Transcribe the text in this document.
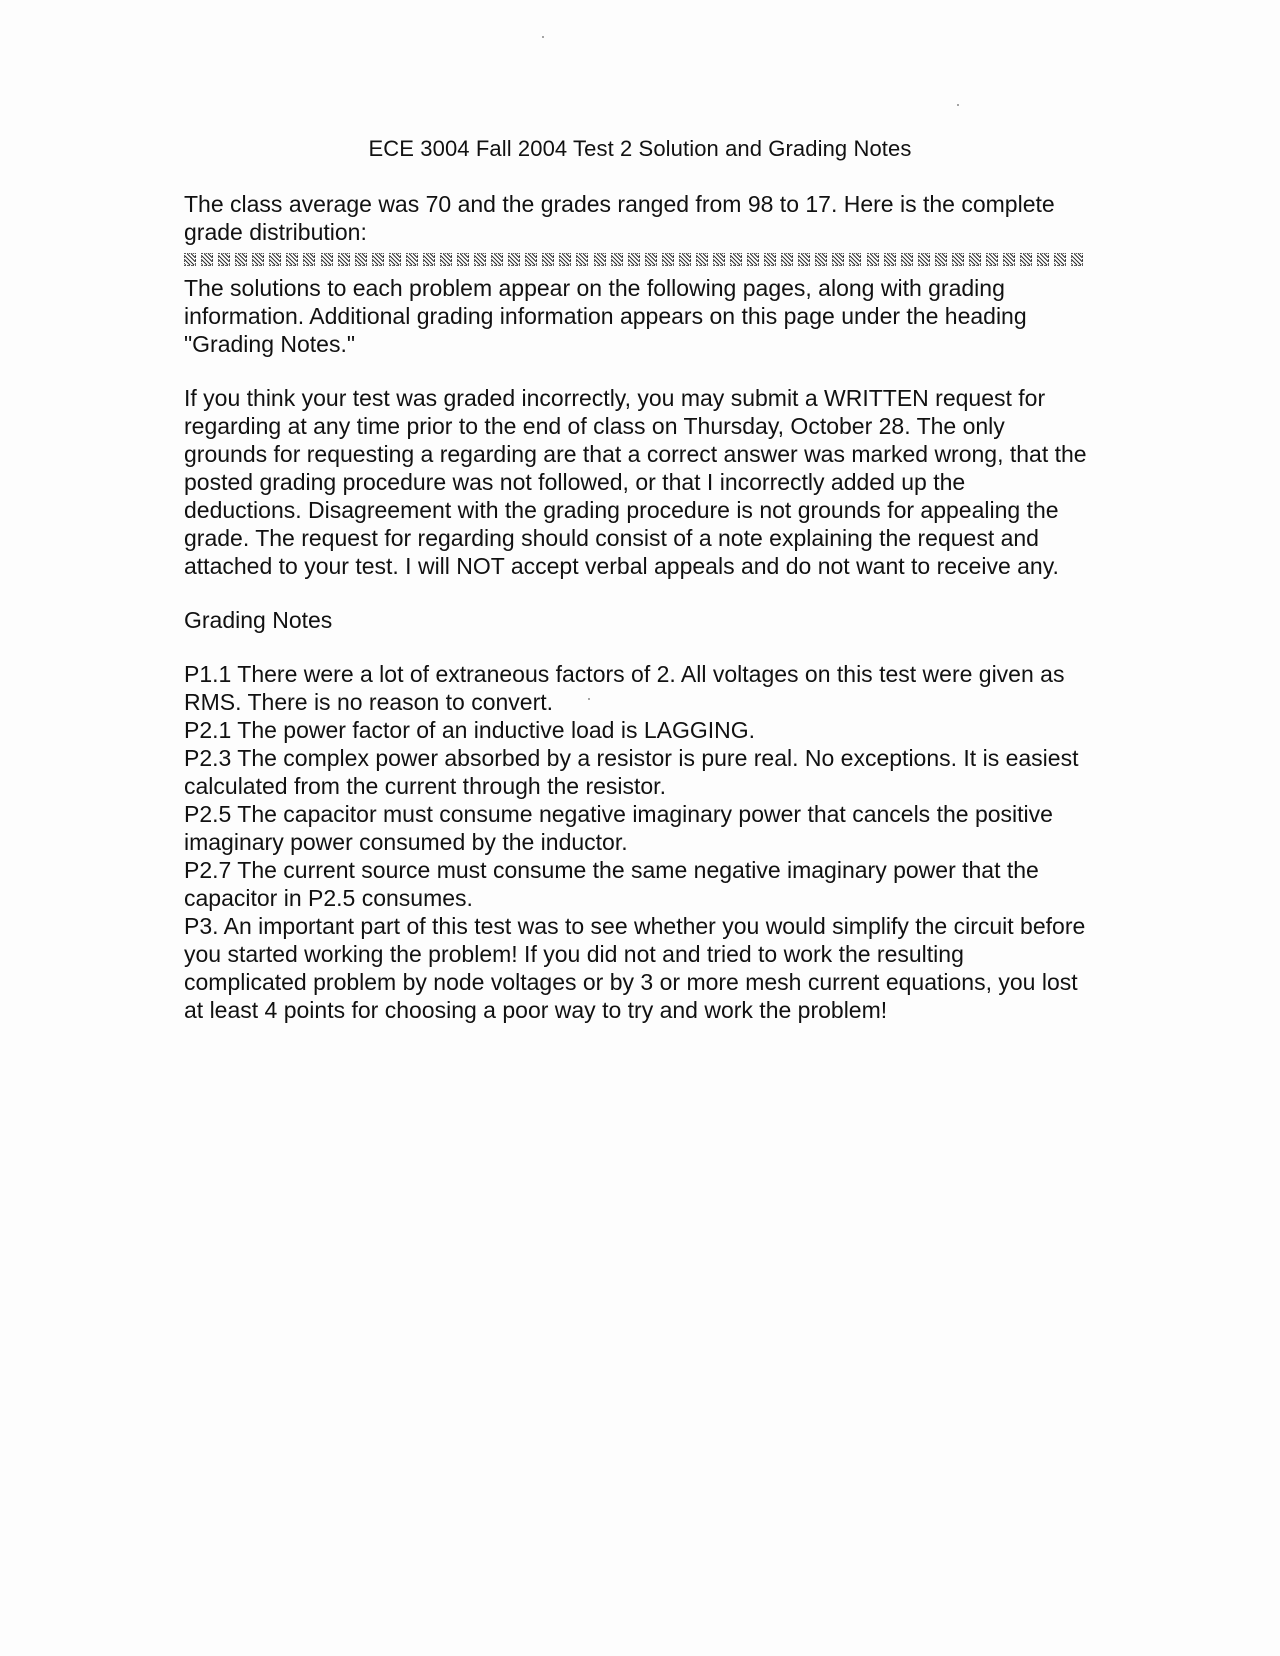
ECE 3004 Fall 2004 Test 2 Solution and Grading Notes

The class average was 70 and the grades ranged from 98 to 17. Here is the complete grade distribution:

The solutions to each problem appear on the following pages, along with grading information. Additional grading information appears on this page under the heading "Grading Notes."

If you think your test was graded incorrectly, you may submit a WRITTEN request for regarding at any time prior to the end of class on Thursday, October 28. The only grounds for requesting a regarding are that a correct answer was marked wrong, that the posted grading procedure was not followed, or that I incorrectly added up the deductions. Disagreement with the grading procedure is not grounds for appealing the grade. The request for regarding should consist of a note explaining the request and attached to your test. I will NOT accept verbal appeals and do not want to receive any.

Grading Notes

P1.1 There were a lot of extraneous factors of 2. All voltages on this test were given as RMS. There is no reason to convert.

P2.1 The power factor of an inductive load is LAGGING.

P2.3 The complex power absorbed by a resistor is pure real. No exceptions. It is easiest calculated from the current through the resistor.

P2.5 The capacitor must consume negative imaginary power that cancels the positive imaginary power consumed by the inductor.

P2.7 The current source must consume the same negative imaginary power that the capacitor in P2.5 consumes.

P3. An important part of this test was to see whether you would simplify the circuit before you started working the problem! If you did not and tried to work the resulting complicated problem by node voltages or by 3 or more mesh current equations, you lost at least 4 points for choosing a poor way to try and work the problem!
